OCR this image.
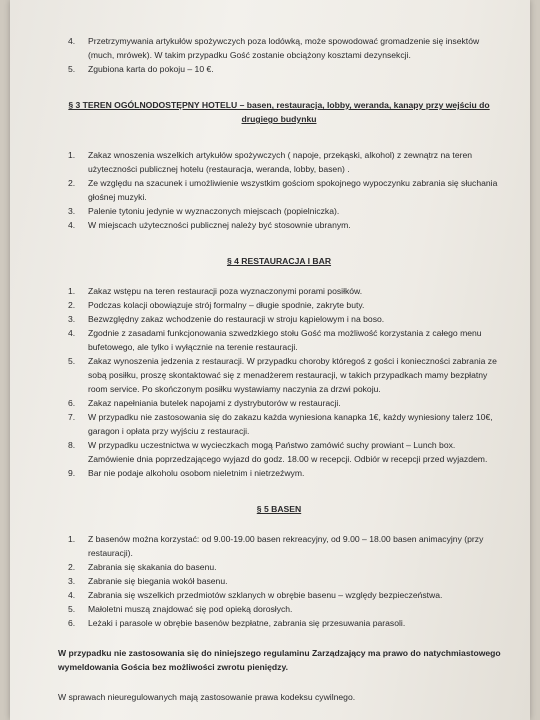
4. Przetrzymywania artykułów spożywczych poza lodówką, może spowodować gromadzenie się insektów (much, mrówek). W takim przypadku Gość zostanie obciążony kosztami dezynsekcji.
5. Zgubiona karta do pokoju – 10 €.
§ 3 TEREN OGÓLNODOSTĘPNY HOTELU – basen, restauracja, lobby, weranda, kanapy przy wejściu do drugiego budynku
1. Zakaz wnoszenia wszelkich artykułów spożywczych ( napoje, przekąski, alkohol) z zewnątrz na teren użyteczności publicznej hotelu (restauracja, weranda, lobby, basen) .
2. Ze względu na szacunek i umożliwienie wszystkim gościom spokojnego wypoczynku zabrania się słuchania głośnej muzyki.
3. Palenie tytoniu jedynie w wyznaczonych miejscach (popielniczka).
4. W miejscach użyteczności publicznej należy być stosownie ubranym.
§ 4 RESTAURACJA I BAR
1. Zakaz wstępu na teren restauracji poza wyznaczonymi porami posiłków.
2. Podczas kolacji obowiązuje strój formalny – długie spodnie, zakryte buty.
3. Bezwzględny zakaz wchodzenie do restauracji w stroju kąpielowym i na boso.
4. Zgodnie z zasadami funkcjonowania szwedzkiego stołu Gość ma możliwość korzystania z całego menu bufetowego, ale tylko i wyłącznie na terenie restauracji.
5. Zakaz wynoszenia jedzenia z restauracji. W przypadku choroby któregoś z gości i konieczności zabrania ze sobą posiłku, proszę skontaktować się z menadżerem restauracji, w takich przypadkach mamy bezpłatny room service. Po skończonym posiłku wystawiamy naczynia za drzwi pokoju.
6. Zakaz napełniania butelek napojami z dystrybutorów w restauracji.
7. W przypadku nie zastosowania się do zakazu każda wyniesiona kanapka 1€, każdy wyniesiony talerz 10€, garagon i opłata przy wyjściu z restauracji.
8. W przypadku uczestnictwa w wycieczkach mogą Państwo zamówić suchy prowiant – Lunch box. Zamówienie dnia poprzedzającego wyjazd do godz. 18.00 w recepcji. Odbiór w recepcji przed wyjazdem.
9. Bar nie podaje alkoholu osobom nieletnim i nietrzeźwym.
§ 5 BASEN
1. Z basenów można korzystać: od 9.00-19.00 basen rekreacyjny, od 9.00 – 18.00 basen animacyjny (przy restauracji).
2. Zabrania się skakania do basenu.
3. Zabranie się biegania wokół basenu.
4. Zabrania się wszelkich przedmiotów szklanych w obrębie basenu – względy bezpieczeństwa.
5. Małoletni muszą znajdować się pod opieką dorosłych.
6. Leżaki i parasole w obrębie basenów bezpłatne, zabrania się przesuwania parasoli.
W przypadku nie zastosowania się do niniejszego regulaminu Zarządzający ma prawo do natychmiastowego wymeldowania Gościa bez możliwości zwrotu pieniędzy.
W sprawach nieuregulowanych mają zastosowanie prawa kodeksu cywilnego.
